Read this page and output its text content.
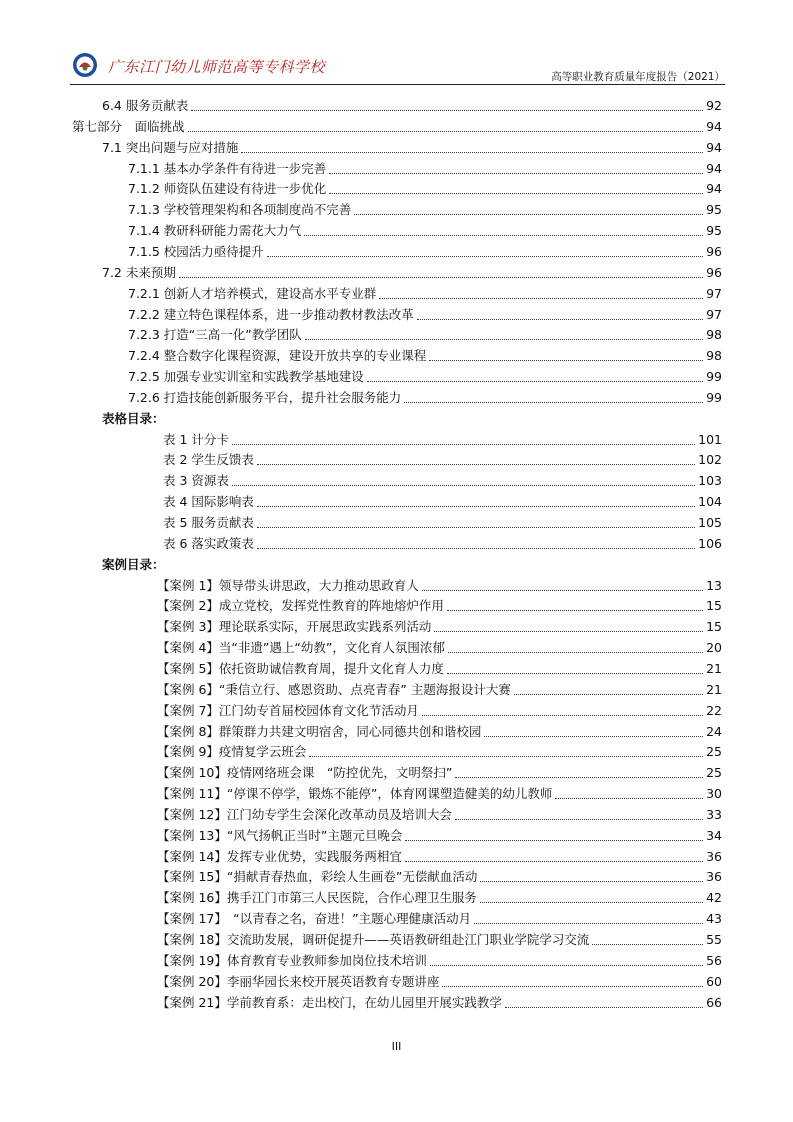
广东江门幼儿师范高等专科学校
高等职业教育质量年度报告（2021）
6.4 服务贡献表	92
第七部分　面临挑战	94
7.1 突出问题与应对措施	94
7.1.1 基本办学条件有待进一步完善	94
7.1.2 师资队伍建设有待进一步优化	94
7.1.3 学校管理架构和各项制度尚不完善	95
7.1.4 教研科研能力需花大力气	95
7.1.5 校园活力亟待提升	96
7.2 未来预期	96
7.2.1 创新人才培养模式，建设高水平专业群	97
7.2.2 建立特色课程体系，进一步推动教材教法改革	97
7.2.3 打造“三高一化”教学团队	98
7.2.4 整合数字化课程资源，建设开放共享的专业课程	98
7.2.5 加强专业实训室和实践教学基地建设	99
7.2.6 打造技能创新服务平台，提升社会服务能力	99
表格目录：
表 1 计分卡	101
表 2 学生反馈表	102
表 3 资源表	103
表 4 国际影响表	104
表 5 服务贡献表	105
表 6 落实政策表	106
案例目录：
【案例 1】领导带头讲思政，大力推动思政育人	13
【案例 2】成立党校，发挥党性教育的阵地熔炉作用	15
【案例 3】理论联系实际，开展思政实践系列活动	15
【案例 4】当“非遗”遇上“幼教”，文化育人氛围浓郁	20
【案例 5】依托资助诚信教育周，提升文化育人力度	21
【案例 6】“秉信立行、感恩资助、点亮青春” 主题海报设计大赛	21
【案例 7】江门幼专首届校园体育文化节活动月	22
【案例 8】群策群力共建文明宿舍，同心同德共创和谐校园	24
【案例 9】疫情复学云班会	25
【案例 10】疫情网络班会课　“防控优先，文明祭扫”	25
【案例 11】“停课不停学，锻炼不能停”，体育网课塑造健美的幼儿教师	30
【案例 12】江门幼专学生会深化改革动员及培训大会	33
【案例 13】“风气扬帆正当时”主题元旦晚会	34
【案例 14】发挥专业优势，实践服务两相宜	36
【案例 15】“捐献青春热血，彩绘人生画卷”无偿献血活动	36
【案例 16】携手江门市第三人民医院，合作心理卫生服务	42
【案例 17】　“以青春之名，奋进！”主题心理健康活动月	43
【案例 18】交流助发展，调研促提升——英语教研组赴江门职业学院学习交流	55
【案例 19】体育教育专业教师参加岗位技术培训	56
【案例 20】李丽华园长来校开展英语教育专题讲座	60
【案例 21】学前教育系：走出校门，在幼儿园里开展实践教学	66
III
